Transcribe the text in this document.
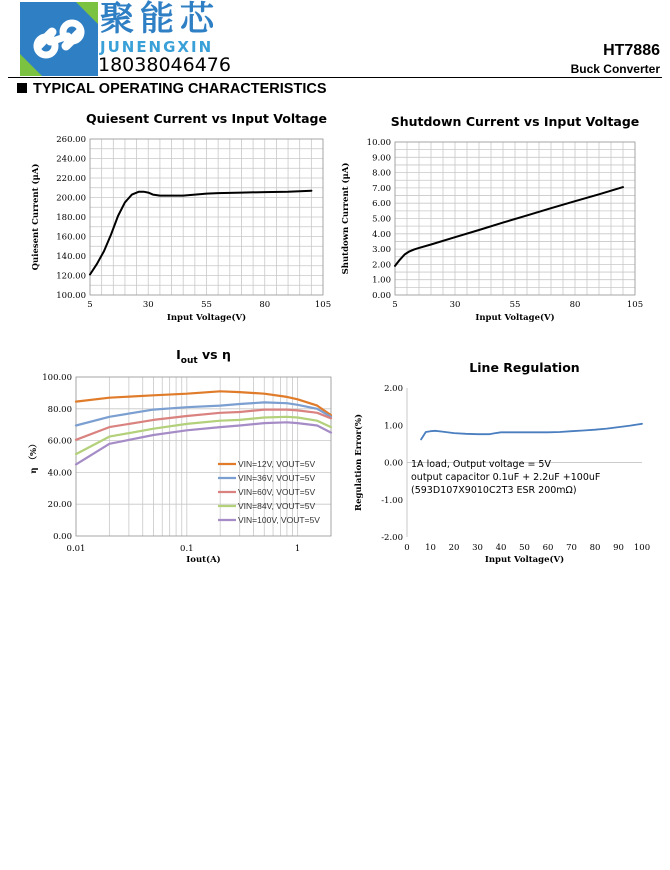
聚能芯
JUNENGXIN
18038046476
HT7886
Buck Converter
TYPICAL OPERATING CHARACTERISTICS
Quiesent Current vs Input Voltage
100.00
120.00
140.00
160.00
180.00
200.00
220.00
240.00
260.00
5	30	55	80	105
Input Voltage(V)
Quiesent Current (μA)
Shutdown Current vs Input Voltage
0.00
1.00
2.00
3.00
4.00
5.00
6.00
7.00
8.00
9.00
10.00
5	30	55	80	105
Input Voltage(V)
Shutdown Current (μA)
$I_{out}$ vs η
0.00
20.00
40.00
60.00
80.00
100.00
0.01	0.1	1
Iout(A)
η （%）	VIN=12V, VOUT=5V
VIN=36V, VOUT=5V
VIN=60V, VOUT=5V
VIN=84V, VOUT=5V
VIN=100V, VOUT=5V
Line Regulation
-2.00
-1.00
0.00
1.00
2.00
0 10 20 30 40 50 60 70 80 90 100
Input Voltage(V)
Regulation Error(%)	1A load, Output voltage = 5V
output capacitor 0.1uF + 2.2uF +100uF
(593D107X9010C2T3 ESR 200mΩ)
